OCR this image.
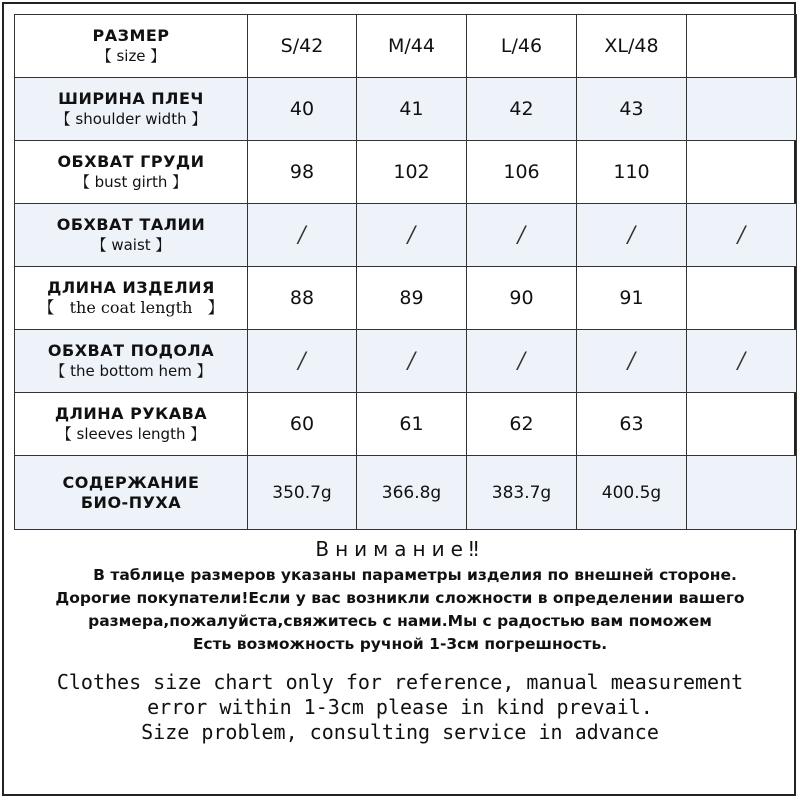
РАЗМЕР
【 size 】	S/42	M/44	L/46	XL/48	

ШИРИНА ПЛЕЧ
【 shoulder width 】	40	41	42	43	

ОБХВАТ ГРУДИ
【 bust girth 】	98	102	106	110	

ОБХВАТ ТАЛИИ
【 waist 】	/	/	/	/	/

ДЛИНА ИЗДЕЛИЯ
【   the coat length   】	88	89	90	91	

ОБХВАТ ПОДОЛА
【 the bottom hem 】	/	/	/	/	/

ДЛИНА РУКАВА
【 sleeves length 】	60	61	62	63	

СОДЕРЖАНИЕ
БИО-ПУХА	350.7g	366.8g	383.7g	400.5g	
Внимание‼
В таблице размеров указаны параметры изделия по внешней стороне.
Дорогие покупатели!Если у вас возникли сложности в определении вашего
размера,пожалуйста,свяжитесь с нами.Мы с радостью вам поможем
Есть возможность ручной 1-3см погрешность.
Clothes size chart only for reference, manual measurement
error within 1-3cm please in kind prevail.
Size problem, consulting service in advance
